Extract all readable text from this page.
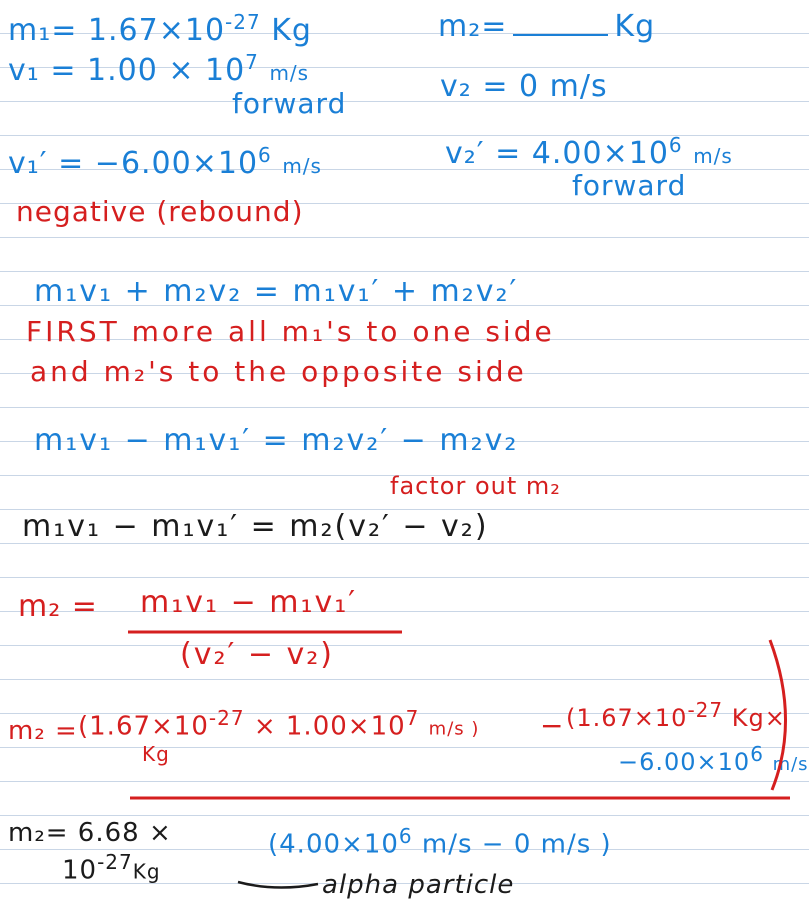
$m_1= 1.67\times 10^{-27}$ Kg
$v_1 = 1.00 \times 10^7$ m/s
forward
$v_1' = -6.00\times 10^6$ m/s
negative (rebound)
m₂=	Kg
v₂ = 0 m/s
$v_2' = 4.00\times 10^6$ m/s
forward
m₁v₁ + m₂v₂ = m₁v₁′ + m₂v₂′
FIRST more all m₁'s to one side
and m₂'s to the opposite side
m₁v₁ − m₁v₁′ = m₂v₂′ − m₂v₂
factor out m₂
m₁v₁ − m₁v₁′ = m₂(v₂′ − v₂)
m₂ = m₁v₁ − m₁v₁′
(v₂′ − v₂)
$m_2 = (1.67\times 10^{-27} \times 1.00\times 10^7$ m/s )
Kg
− ($1.67\times 10^{-27}$ Kg×
$-6.00\times 10^6$ m/s
($4.00\times 10^6$ m/s − 0 m/s )
m₂= 6.68 ×
$10^{-27}Kg$	alpha particle
